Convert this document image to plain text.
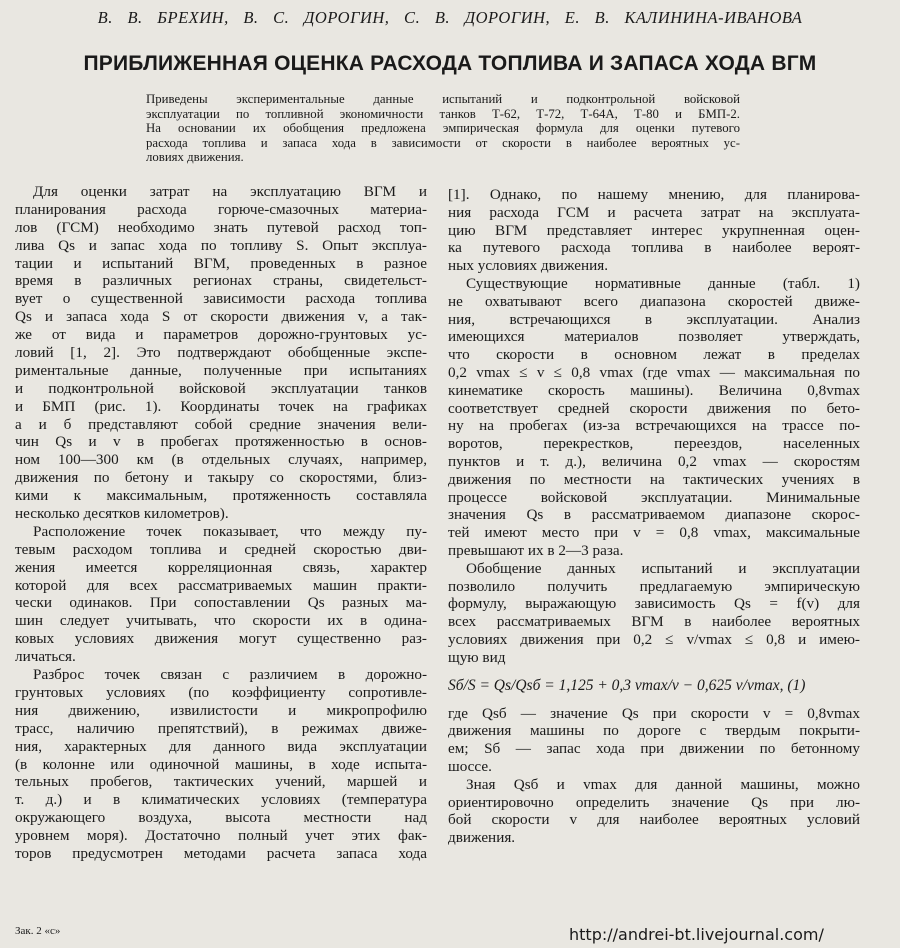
В. В. БРЕХИН, В. С. ДОРОГИН, С. В. ДОРОГИН, Е. В. КАЛИНИНА-ИВАНОВА
ПРИБЛИЖЕННАЯ ОЦЕНКА РАСХОДА ТОПЛИВА И ЗАПАСА ХОДА ВГМ
Приведены экспериментальные данные испытаний и подконтрольной войсковой
эксплуатации по топливной экономичности танков Т-62, Т-72, Т-64А, Т-80 и БМП-2.
На основании их обобщения предложена эмпирическая формула для оценки путевого
расхода топлива и запаса хода в зависимости от скорости в наиболее вероятных ус-
ловиях движения.
Для оценки затрат на эксплуатацию ВГМ и
планирования расхода горюче-смазочных материа-
лов (ГСМ) необходимо знать путевой расход топ-
лива Qs и запас хода по топливу S. Опыт эксплуа-
тации и испытаний ВГМ, проведенных в разное
время в различных регионах страны, свидетельст-
вует о существенной зависимости расхода топлива
Qs и запаса хода S от скорости движения v, а так-
же от вида и параметров дорожно-грунтовых ус-
ловий [1, 2]. Это подтверждают обобщенные экспе-
риментальные данные, полученные при испытаниях
и подконтрольной войсковой эксплуатации танков
и БМП (рис. 1). Координаты точек на графиках
а и б представляют собой средние значения вели-
чин Qs и v в пробегах протяженностью в основ-
ном 100—300 км (в отдельных случаях, например,
движения по бетону и такыру со скоростями, близ-
кими к максимальным, протяженность составляла
несколько десятков километров).
Расположение точек показывает, что между пу-
тевым расходом топлива и средней скоростью дви-
жения имеется корреляционная связь, характер
которой для всех рассматриваемых машин практи-
чески одинаков. При сопоставлении Qs разных ма-
шин следует учитывать, что скорости их в одина-
ковых условиях движения могут существенно раз-
личаться.
Разброс точек связан с различием в дорожно-
грунтовых условиях (по коэффициенту сопротивле-
ния движению, извилистости и микропрофилю
трасс, наличию препятствий), в режимах движе-
ния, характерных для данного вида эксплуатации
(в колонне или одиночной машины, в ходе испыта-
тельных пробегов, тактических учений, маршей и
т. д.) и в климатических условиях (температура
окружающего воздуха, высота местности над
уровнем моря). Достаточно полный учет этих фак-
торов предусмотрен методами расчета запаса хода
[1]. Однако, по нашему мнению, для планирова-
ния расхода ГСМ и расчета затрат на эксплуата-
цию ВГМ представляет интерес укрупненная оцен-
ка путевого расхода топлива в наиболее вероят-
ных условиях движения.
Существующие нормативные данные (табл. 1)
не охватывают всего диапазона скоростей движе-
ния, встречающихся в эксплуатации. Анализ
имеющихся материалов позволяет утверждать,
что скорости в основном лежат в пределах
0,2 vmax ≤ v ≤ 0,8 vmax (где vmax — максимальная по
кинематике скорость машины). Величина 0,8vmax
соответствует средней скорости движения по бето-
ну на пробегах (из-за встречающихся на трассе по-
воротов, перекрестков, переездов, населенных
пунктов и т. д.), величина 0,2 vmax — скоростям
движения по местности на тактических учениях в
процессе войсковой эксплуатации. Минимальные
значения Qs в рассматриваемом диапазоне скорос-
тей имеют место при v = 0,8 vmax, максимальные
превышают их в 2—3 раза.
Обобщение данных испытаний и эксплуатации
позволило получить предлагаемую эмпирическую
формулу, выражающую зависимость Qs = f(v) для
всех рассматриваемых ВГМ в наиболее вероятных
условиях движения при 0,2 ≤ v/vmax ≤ 0,8 и имею-
щую вид
Sб/S = Qs/Qsб = 1,125 + 0,3 vmax/v − 0,625 v/vmax, (1)
где Qsб — значение Qs при скорости v = 0,8vmax
движения машины по дороге с твердым покрыти-
ем; Sб — запас хода при движении по бетонному
шоссе.
Зная Qsб и vmax для данной машины, можно
ориентировочно определить значение Qs при лю-
бой скорости v для наиболее вероятных условий
движения.
Зак. 2 «с»	http://andrei-bt.livejournal.com/
